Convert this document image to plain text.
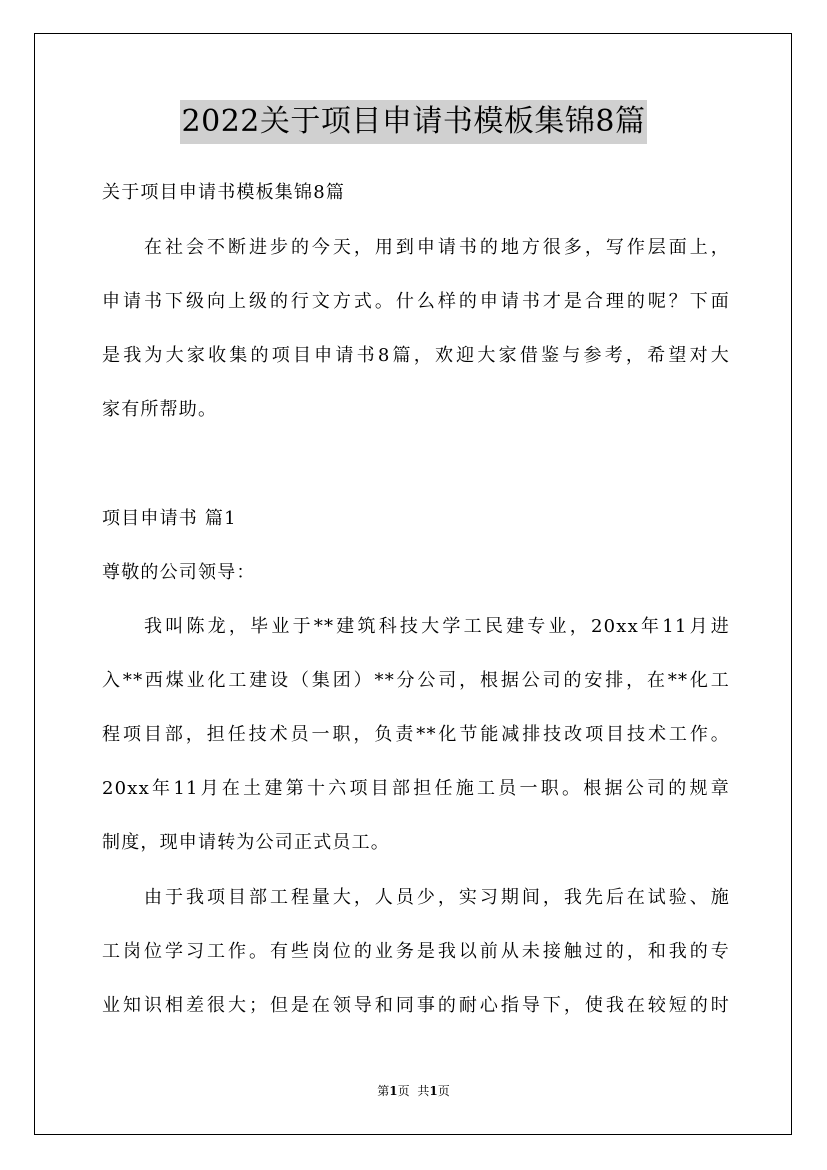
2022关于项目申请书模板集锦8篇
关于项目申请书模板集锦8篇
在社会不断进步的今天，用到申请书的地方很多，写作层面上，
申请书下级向上级的行文方式。什么样的申请书才是合理的呢？下面
是我为大家收集的项目申请书8篇，欢迎大家借鉴与参考，希望对大
家有所帮助。
项目申请书 篇1
尊敬的公司领导：
我叫陈龙，毕业于**建筑科技大学工民建专业，20xx年11月进
入**西煤业化工建设（集团）**分公司，根据公司的安排，在**化工
程项目部，担任技术员一职，负责**化节能减排技改项目技术工作。
20xx年11月在土建第十六项目部担任施工员一职。根据公司的规章
制度，现申请转为公司正式员工。
由于我项目部工程量大，人员少，实习期间，我先后在试验、施
工岗位学习工作。有些岗位的业务是我以前从未接触过的，和我的专
业知识相差很大；但是在领导和同事的耐心指导下，使我在较短的时
第1页 共1页
